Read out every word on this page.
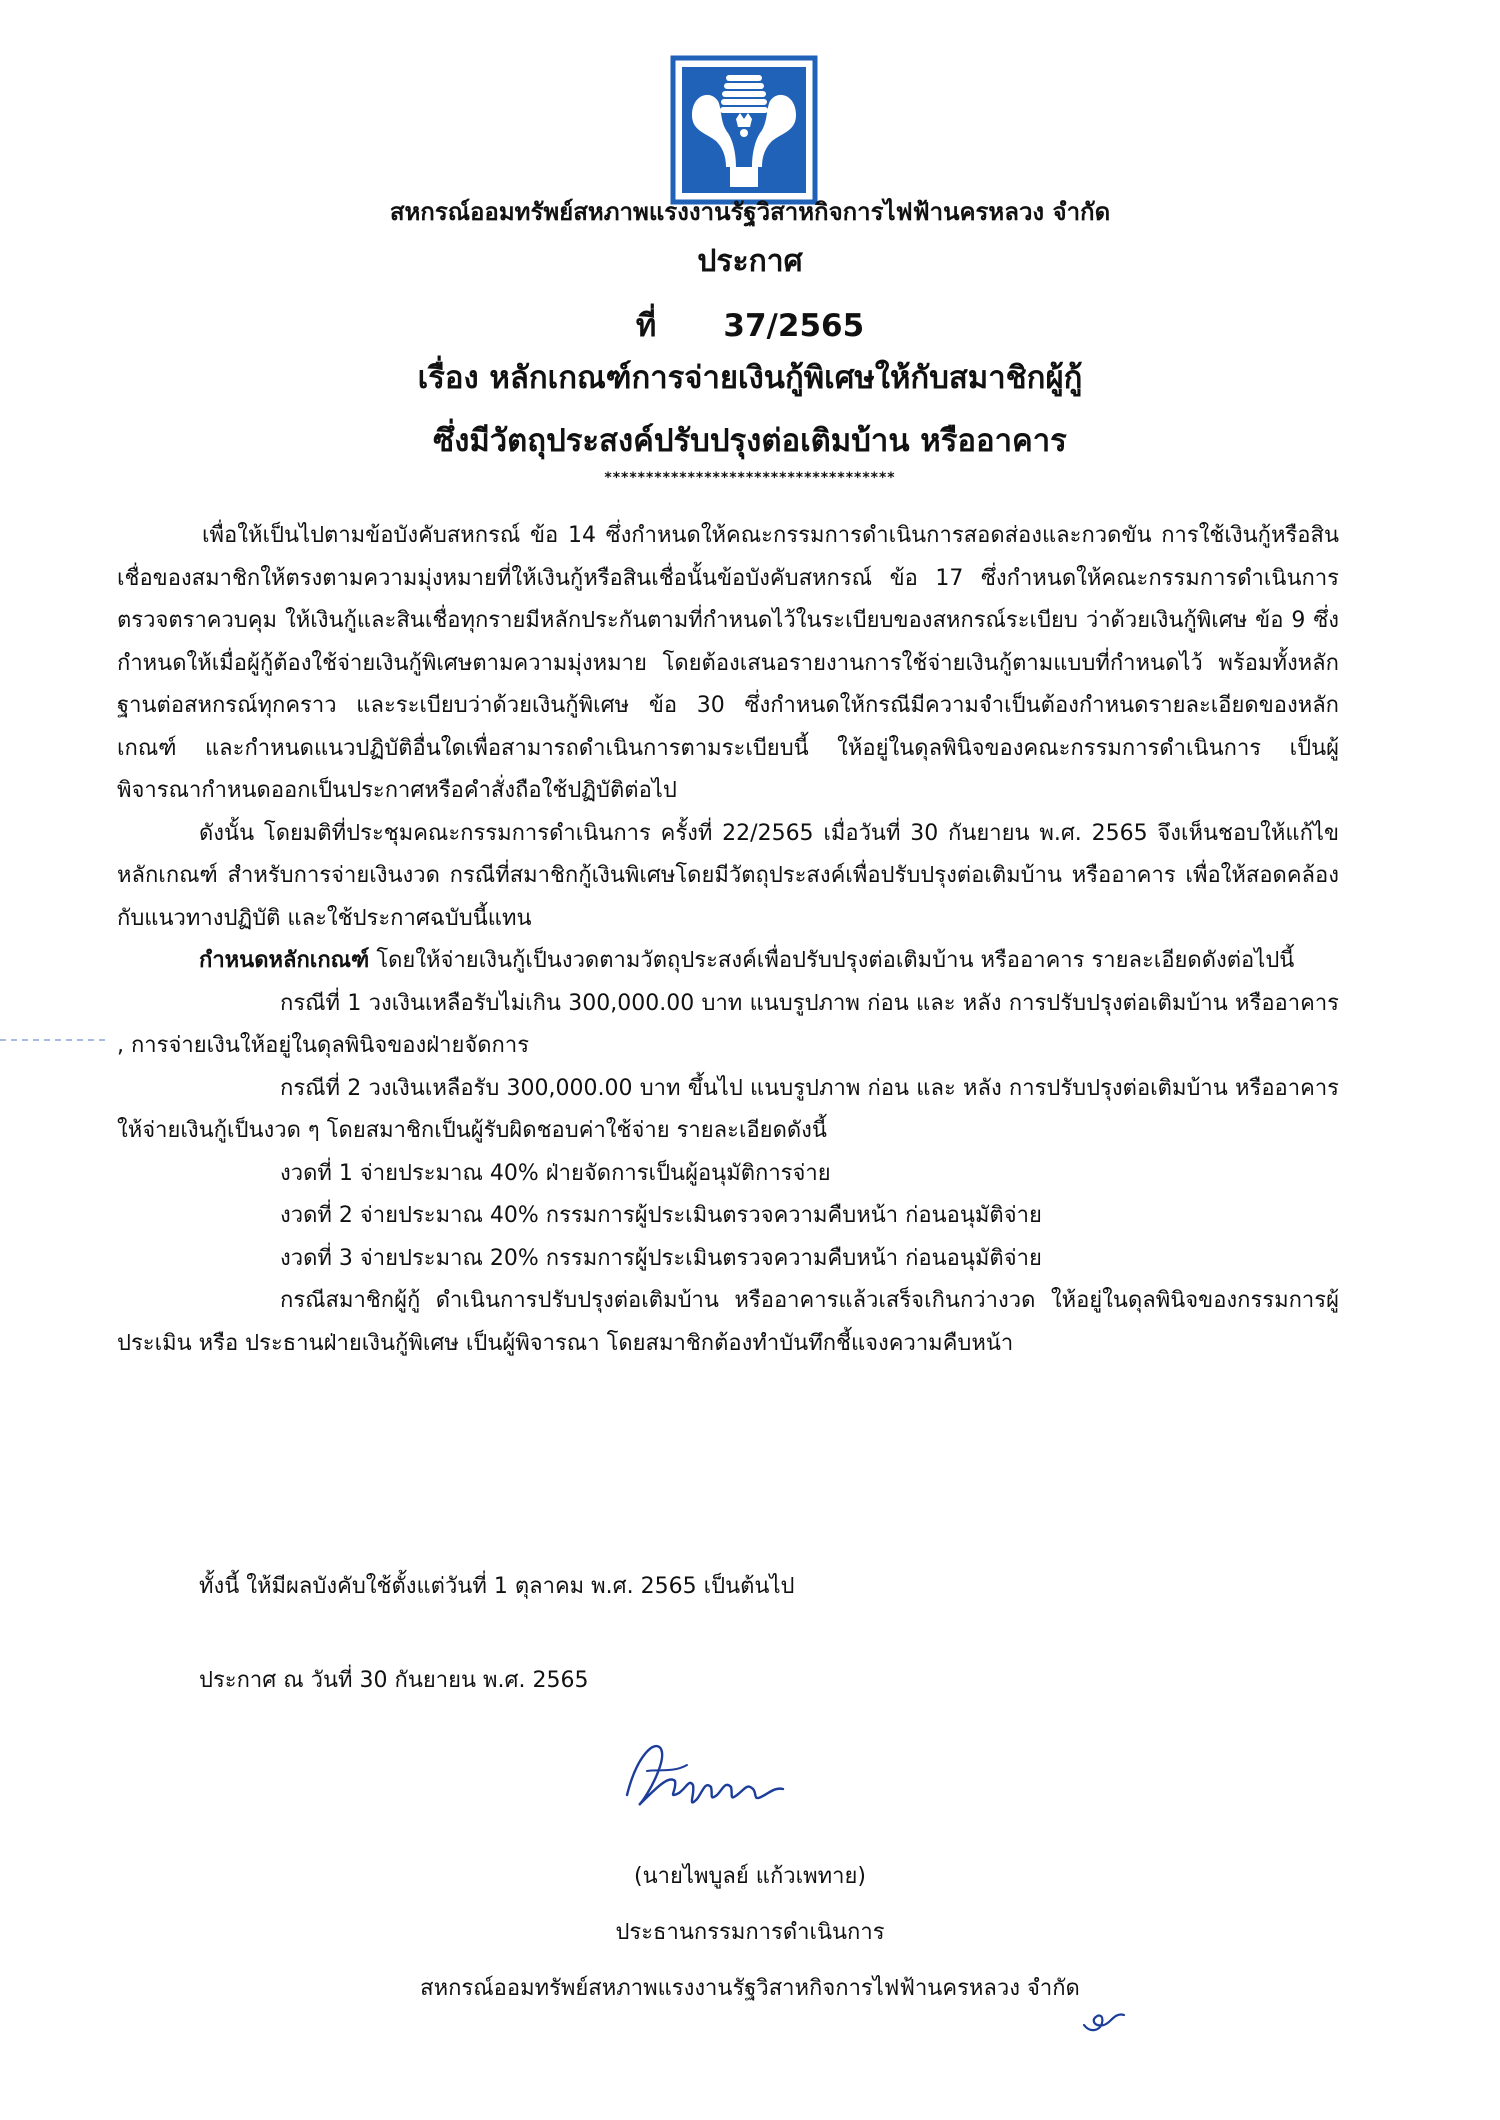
สหกรณ์ออมทรัพย์สหภาพแรงงานรัฐวิสาหกิจการไฟฟ้านครหลวง จำกัด
ประกาศ
ที่ 37/2565
เรื่อง หลักเกณฑ์การจ่ายเงินกู้พิเศษให้กับสมาชิกผู้กู้
ซึ่งมีวัตถุประสงค์ปรับปรุงต่อเติมบ้าน หรืออาคาร
***********************************

เพื่อให้เป็นไปตามข้อบังคับสหกรณ์ ข้อ 14 ซึ่งกำหนดให้คณะกรรมการดำเนินการสอดส่องและกวดขัน การใช้เงินกู้หรือสินเชื่อของสมาชิกให้ตรงตามความมุ่งหมายที่ให้เงินกู้หรือสินเชื่อนั้นข้อบังคับสหกรณ์ ข้อ 17 ซึ่งกำหนดให้คณะกรรมการดำเนินการตรวจตราควบคุม ให้เงินกู้และสินเชื่อทุกรายมีหลักประกันตามที่กำหนดไว้ในระเบียบของสหกรณ์ระเบียบ ว่าด้วยเงินกู้พิเศษ ข้อ 9 ซึ่งกำหนดให้เมื่อผู้กู้ต้องใช้จ่ายเงินกู้พิเศษตามความมุ่งหมาย โดยต้องเสนอรายงานการใช้จ่ายเงินกู้ตามแบบที่กำหนดไว้ พร้อมทั้งหลักฐานต่อสหกรณ์ทุกคราว และระเบียบว่าด้วยเงินกู้พิเศษ ข้อ 30 ซึ่งกำหนดให้กรณีมีความจำเป็นต้องกำหนดรายละเอียดของหลักเกณฑ์ และกำหนดแนวปฏิบัติอื่นใดเพื่อสามารถดำเนินการตามระเบียบนี้ ให้อยู่ในดุลพินิจของคณะกรรมการดำเนินการ เป็นผู้พิจารณากำหนดออกเป็นประกาศหรือคำสั่งถือใช้ปฏิบัติต่อไป

ดังนั้น โดยมติที่ประชุมคณะกรรมการดำเนินการ ครั้งที่ 22/2565 เมื่อวันที่ 30 กันยายน พ.ศ. 2565 จึงเห็นชอบให้แก้ไขหลักเกณฑ์ สำหรับการจ่ายเงินงวด กรณีที่สมาชิกกู้เงินพิเศษโดยมีวัตถุประสงค์เพื่อปรับปรุงต่อเติมบ้าน หรืออาคาร เพื่อให้สอดคล้องกับแนวทางปฏิบัติ และใช้ประกาศฉบับนี้แทน

กำหนดหลักเกณฑ์ โดยให้จ่ายเงินกู้เป็นงวดตามวัตถุประสงค์เพื่อปรับปรุงต่อเติมบ้าน หรืออาคาร รายละเอียดดังต่อไปนี้

กรณีที่ 1 วงเงินเหลือรับไม่เกิน 300,000.00 บาท แนบรูปภาพ ก่อน และ หลัง การปรับปรุงต่อเติมบ้าน หรืออาคาร , การจ่ายเงินให้อยู่ในดุลพินิจของฝ่ายจัดการ

กรณีที่ 2 วงเงินเหลือรับ 300,000.00 บาท ขึ้นไป แนบรูปภาพ ก่อน และ หลัง การปรับปรุงต่อเติมบ้าน หรืออาคาร ให้จ่ายเงินกู้เป็นงวด ๆ โดยสมาชิกเป็นผู้รับผิดชอบค่าใช้จ่าย รายละเอียดดังนี้

งวดที่ 1 จ่ายประมาณ 40% ฝ่ายจัดการเป็นผู้อนุมัติการจ่าย

งวดที่ 2 จ่ายประมาณ 40% กรรมการผู้ประเมินตรวจความคืบหน้า ก่อนอนุมัติจ่าย

งวดที่ 3 จ่ายประมาณ 20% กรรมการผู้ประเมินตรวจความคืบหน้า ก่อนอนุมัติจ่าย

กรณีสมาชิกผู้กู้ ดำเนินการปรับปรุงต่อเติมบ้าน หรืออาคารแล้วเสร็จเกินกว่างวด ให้อยู่ในดุลพินิจของกรรมการผู้ประเมิน หรือ ประธานฝ่ายเงินกู้พิเศษ เป็นผู้พิจารณา โดยสมาชิกต้องทำบันทึกชี้แจงความคืบหน้า

ทั้งนี้ ให้มีผลบังคับใช้ตั้งแต่วันที่ 1 ตุลาคม พ.ศ. 2565 เป็นต้นไป
ประกาศ ณ วันที่ 30 กันยายน พ.ศ. 2565
(นายไพบูลย์ แก้วเพทาย)
ประธานกรรมการดำเนินการ
สหกรณ์ออมทรัพย์สหภาพแรงงานรัฐวิสาหกิจการไฟฟ้านครหลวง จำกัด
